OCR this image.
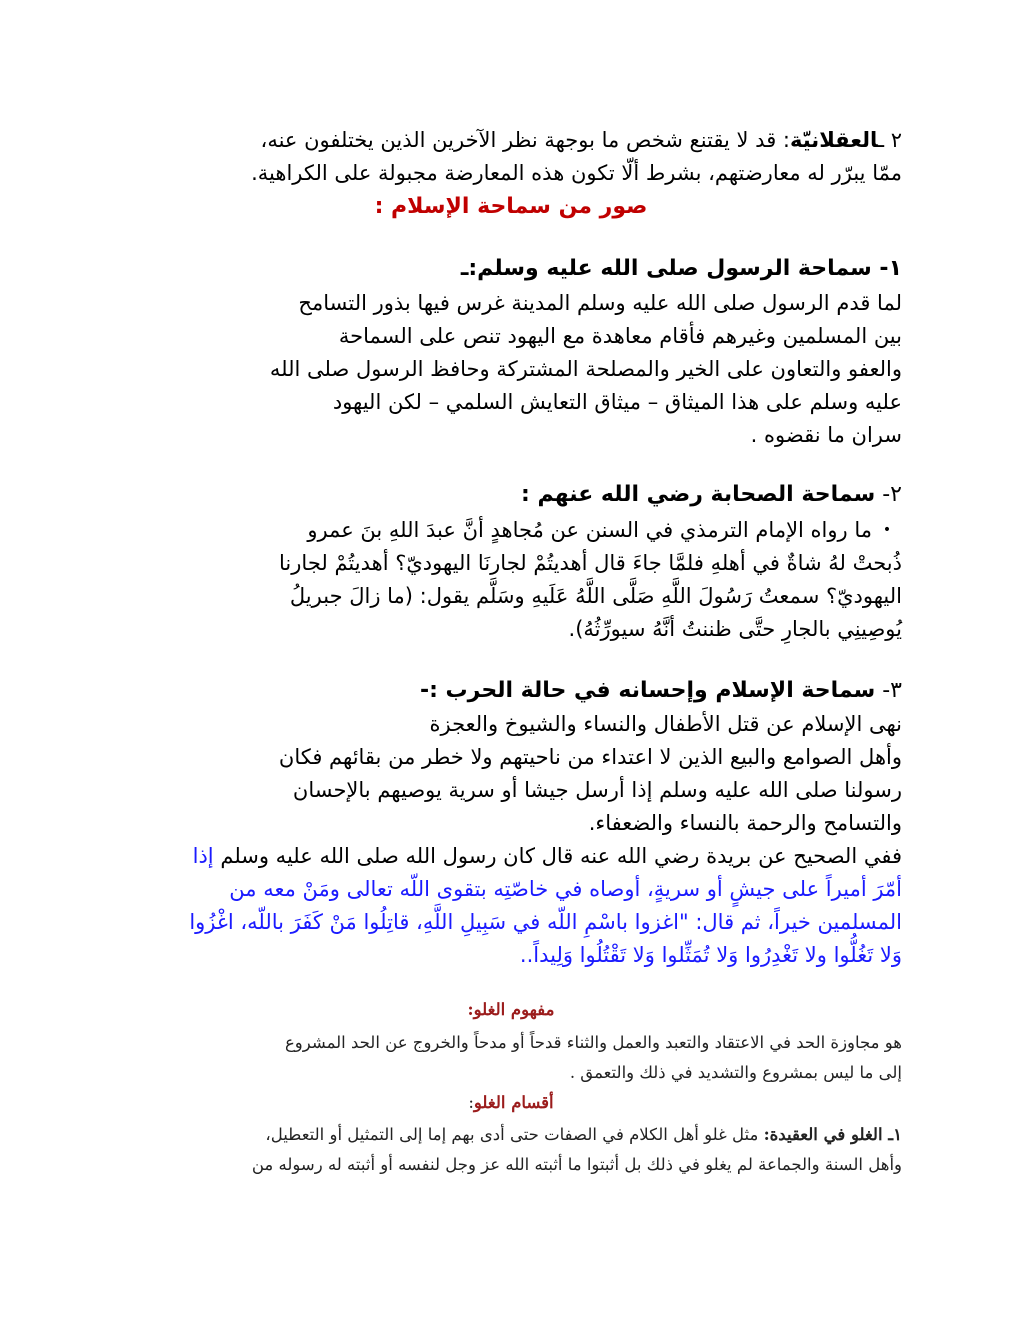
٢ ـالعقلانيّة: قد لا يقتنع شخص ما بوجهة نظر الآخرين الذين يختلفون عنه،
ممّا يبرّر له معارضتهم، بشرط ألّا تكون هذه المعارضة مجبولة على الكراهية.
صور من سماحة الإسلام :
١- سماحة الرسول صلى الله عليه وسلم:ـ
لما قدم الرسول صلى الله عليه وسلم المدينة غرس فيها بذور التسامح
بين المسلمين وغيرهم فأقام معاهدة مع اليهود تنص على السماحة
والعفو والتعاون على الخير والمصلحة المشتركة وحافظ الرسول صلى الله
عليه وسلم على هذا الميثاق – ميثاق التعايش السلمي – لكن اليهود
سران ما نقضوه .
٢- سماحة الصحابة رضي الله عنهم :
•ما رواه الإمام الترمذي في السنن عن مُجاهدٍ أنَّ عبدَ اللهِ بنَ عمرو
ذُبحتْ لهُ شاةٌ في أهلهِ فلمَّا جاءَ قال أهديتُمْ لجارنَا اليهوديّ؟ أهديتُمْ لجارنا
اليهوديّ؟ سمعتُ رَسُولَ اللَّهِ صَلَّى اللَّهُ عَلَيهِ وسَلَّم يقول: (ما زالَ جبريلُ
يُوصِينِي بالجارِ حتَّى ظننتُ أنَّهُ سيورِّثُهُ).
٣- سماحة الإسلام وإحسانه في حالة الحرب :-
نهى الإسلام عن قتل الأطفال والنساء والشيوخ والعجزة
وأهل الصوامع والبيع الذين لا اعتداء من ناحيتهم ولا خطر من بقائهم فكان
رسولنا صلى الله عليه وسلم إذا أرسل جيشا أو سرية يوصيهم بالإحسان
والتسامح والرحمة بالنساء والضعفاء.
ففي الصحيح عن بريدة رضي الله عنه قال كان رسول الله صلى الله عليه وسلم إذا
أمّرَ أميراً على جيشٍ أو سريةٍ، أوصاه في خاصّتِه بتقوى اللّه تعالى ومَنْ معه من
المسلمين خيراً، ثم قال: "اغزوا باسْمِ اللّه في سَبِيلِ اللَّهِ، قاتِلُوا مَنْ كَفَرَ باللّه، اغْزُوا
وَلا تَغُلُّوا ولا تَغْدِرُوا وَلا تُمَثِّلوا وَلا تَقْتُلُوا وَلِيداً..
مفهوم الغلو:
هو مجاوزة الحد في الاعتقاد والتعبد والعمل والثناء قدحاً أو مدحاً والخروج عن الحد المشروع
إلى ما ليس بمشروع والتشديد في ذلك والتعمق .
أقسام الغلو:
١ـ الغلو في العقيدة: مثل غلو أهل الكلام في الصفات حتى أدى بهم إما إلى التمثيل أو التعطيل،
وأهل السنة والجماعة لم يغلو في ذلك بل أثبتوا ما أثبته الله عز وجل لنفسه أو أثبته له رسوله من
